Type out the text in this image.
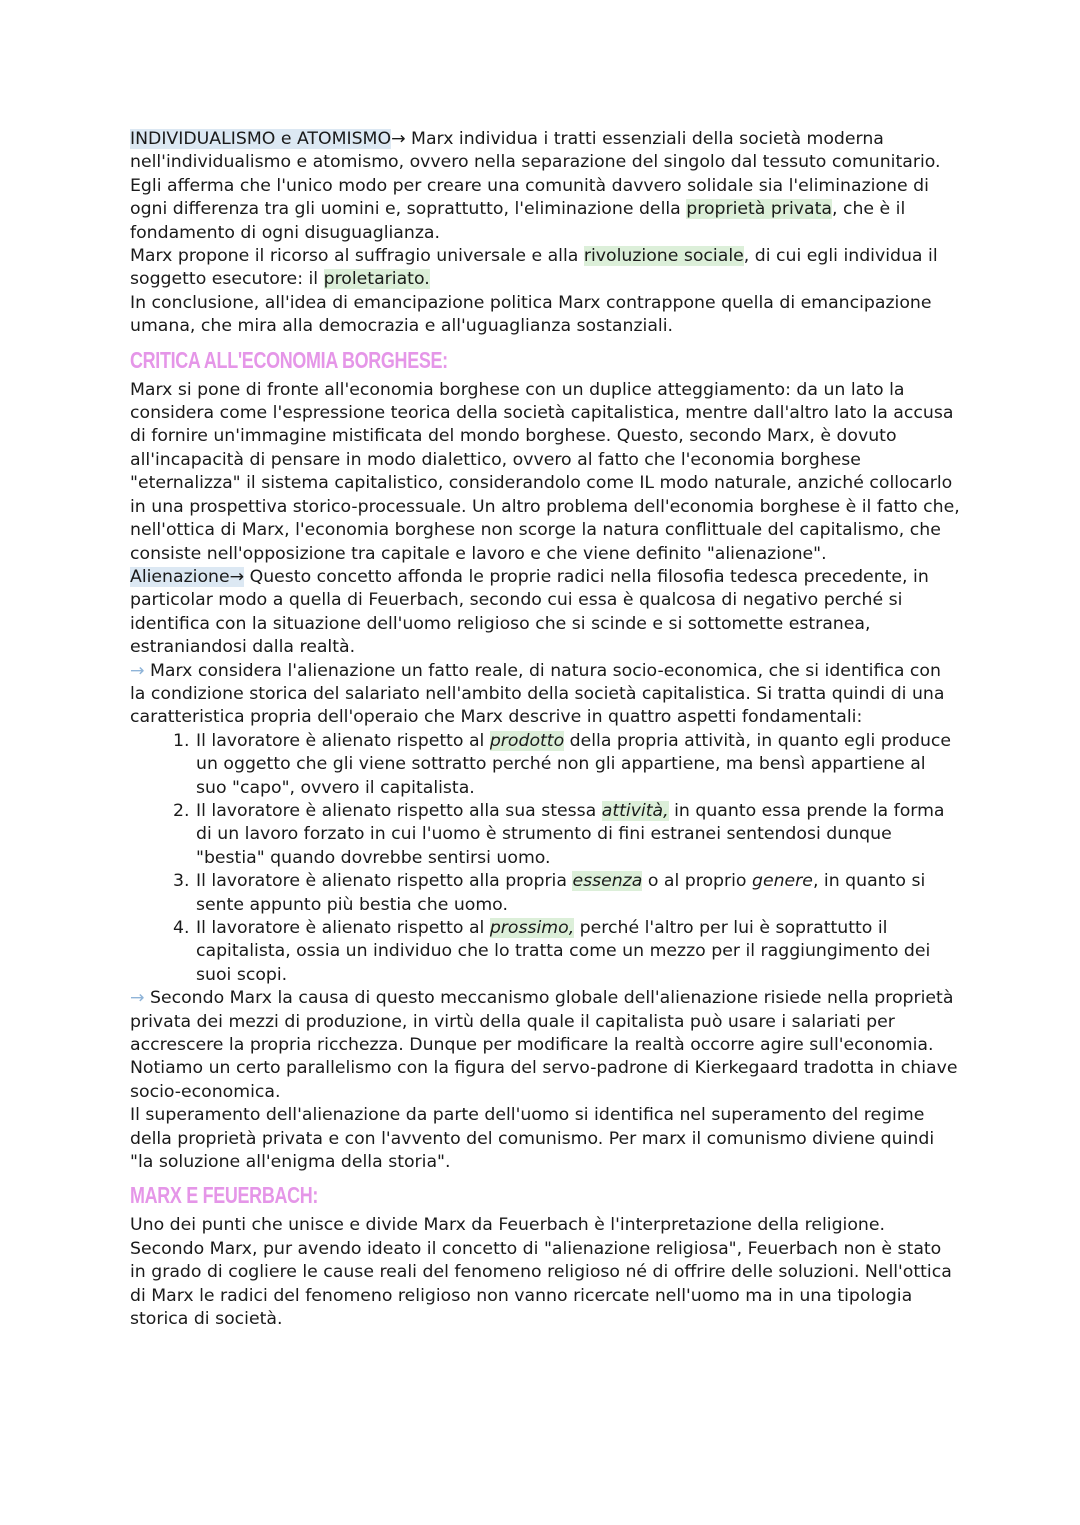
INDIVIDUALISMO e ATOMISMO→ Marx individua i tratti essenziali della società moderna nell'individualismo e atomismo, ovvero nella separazione del singolo dal tessuto comunitario. Egli afferma che l'unico modo per creare una comunità davvero solidale sia l'eliminazione di ogni differenza tra gli uomini e, soprattutto, l'eliminazione della proprietà privata, che è il fondamento di ogni disuguaglianza.

Marx propone il ricorso al suffragio universale e alla rivoluzione sociale, di cui egli individua il soggetto esecutore: il proletariato.

In conclusione, all'idea di emancipazione politica Marx contrappone quella di emancipazione umana, che mira alla democrazia e all'uguaglianza sostanziali.

CRITICA ALL'ECONOMIA BORGHESE:

Marx si pone di fronte all'economia borghese con un duplice atteggiamento: da un lato la considera come l'espressione teorica della società capitalistica, mentre dall'altro lato la accusa di fornire un'immagine mistificata del mondo borghese. Questo, secondo Marx, è dovuto all'incapacità di pensare in modo dialettico, ovvero al fatto che l'economia borghese "eternalizza" il sistema capitalistico, considerandolo come IL modo naturale, anziché collocarlo in una prospettiva storico-processuale. Un altro problema dell'economia borghese è il fatto che, nell'ottica di Marx, l'economia borghese non scorge la natura conflittuale del capitalismo, che consiste nell'opposizione tra capitale e lavoro e che viene definito "alienazione".

Alienazione→ Questo concetto affonda le proprie radici nella filosofia tedesca precedente, in particolar modo a quella di Feuerbach, secondo cui essa è qualcosa di negativo perché si identifica con la situazione dell'uomo religioso che si scinde e si sottomette estranea, estraniandosi dalla realtà.

→ Marx considera l'alienazione un fatto reale, di natura socio-economica, che si identifica con la condizione storica del salariato nell'ambito della società capitalistica. Si tratta quindi di una caratteristica propria dell'operaio che Marx descrive in quattro aspetti fondamentali:

1. Il lavoratore è alienato rispetto al prodotto della propria attività, in quanto egli produce un oggetto che gli viene sottratto perché non gli appartiene, ma bensì appartiene al suo "capo", ovvero il capitalista.
2. Il lavoratore è alienato rispetto alla sua stessa attività, in quanto essa prende la forma di un lavoro forzato in cui l'uomo è strumento di fini estranei sentendosi dunque "bestia" quando dovrebbe sentirsi uomo.
3. Il lavoratore è alienato rispetto alla propria essenza o al proprio genere, in quanto si sente appunto più bestia che uomo.
4. Il lavoratore è alienato rispetto al prossimo, perché l'altro per lui è soprattutto il capitalista, ossia un individuo che lo tratta come un mezzo per il raggiungimento dei suoi scopi.

→ Secondo Marx la causa di questo meccanismo globale dell'alienazione risiede nella proprietà privata dei mezzi di produzione, in virtù della quale il capitalista può usare i salariati per accrescere la propria ricchezza. Dunque per modificare la realtà occorre agire sull'economia. Notiamo un certo parallelismo con la figura del servo-padrone di Kierkegaard tradotta in chiave socio-economica.

Il superamento dell'alienazione da parte dell'uomo si identifica nel superamento del regime della proprietà privata e con l'avvento del comunismo. Per marx il comunismo diviene quindi "la soluzione all'enigma della storia".

MARX E FEUERBACH:

Uno dei punti che unisce e divide Marx da Feuerbach è l'interpretazione della religione. Secondo Marx, pur avendo ideato il concetto di "alienazione religiosa", Feuerbach non è stato in grado di cogliere le cause reali del fenomeno religioso né di offrire delle soluzioni. Nell'ottica di Marx le radici del fenomeno religioso non vanno ricercate nell'uomo ma in una tipologia storica di società.
